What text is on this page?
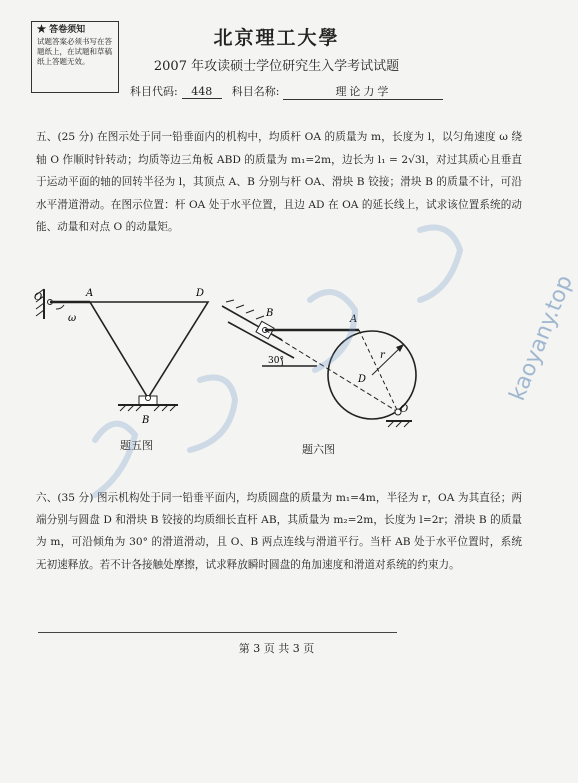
★ 答卷须知
试题答案必须书写在答题纸上，在试题和草稿纸上答题无效。
北京理工大學
2007 年攻读硕士学位研究生入学考试试题
科目代码:	448	科目名称:	理论力学
五、(25 分) 在图示处于同一铅垂面内的机构中，均质杆 OA 的质量为 m，长度为 l，以匀角速度 ω 绕轴 O 作顺时针转动；均质等边三角板 ABD 的质量为 m₁=2m，边长为 l₁ = 2√3l，对过其质心且垂直于运动平面的轴的回转半径为 l，其顶点 A、B 分别与杆 OA、滑块 B 铰接；滑块 B 的质量不计，可沿水平滑道滑动。在图示位置：杆 OA 处于水平位置，且边 AD 在 OA 的延长线上，试求该位置系统的动能、动量和对点 O 的动量矩。
O	A	D
B
ω
题五图
B
A
D
O
r
30°
题六图
六、(35 分) 图示机构处于同一铅垂平面内，均质圆盘的质量为 m₁=4m，半径为 r，OA 为其直径；两端分别与圆盘 D 和滑块 B 铰接的均质细长直杆 AB，其质量为 m₂=2m，长度为 l=2r；滑块 B 的质量为 m，可沿倾角为 30° 的滑道滑动，且 O、B 两点连线与滑道平行。当杆 AB 处于水平位置时，系统无初速释放。若不计各接触处摩擦，试求释放瞬时圆盘的角加速度和滑道对系统的约束力。
第 3 页 共 3 页
kaoyany.top
